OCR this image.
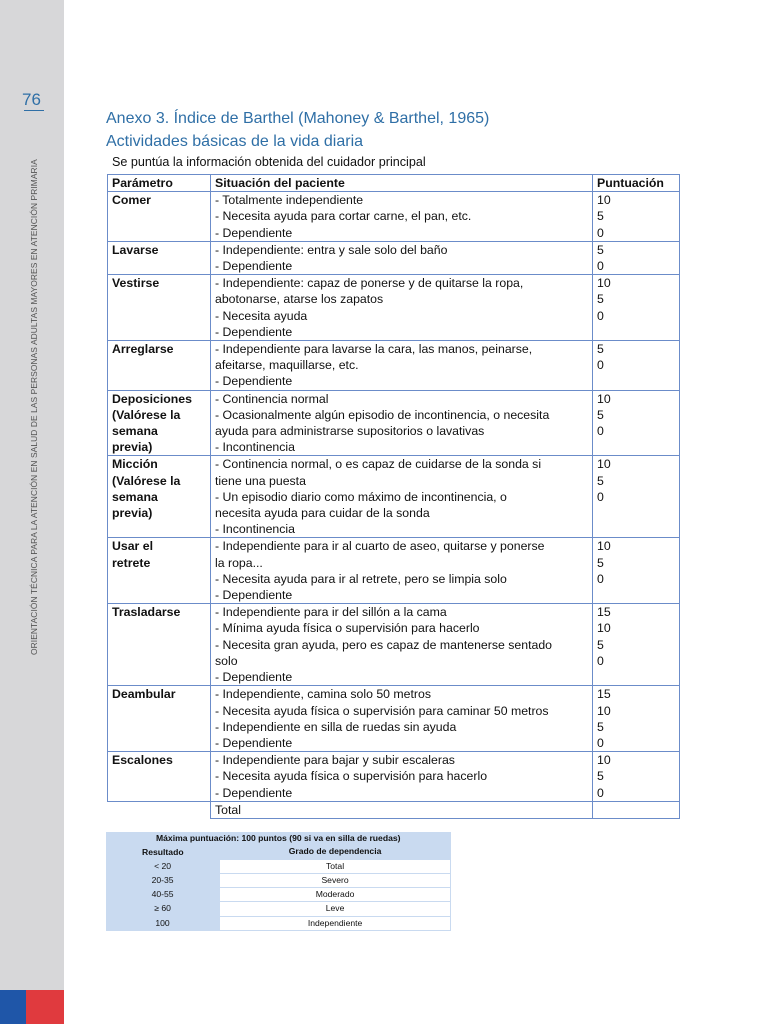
76
ORIENTACIÓN TÉCNICA PARA LA ATENCIÓN EN SALUD DE LAS PERSONAS ADULTAS MAYORES EN ATENCIÓN PRIMARIA
Anexo 3. Índice de Barthel (Mahoney & Barthel, 1965)
Actividades básicas de la vida diaria
Se puntúa la información obtenida del cuidador principal
Parámetro	Situación del paciente	Puntuación

Comer	- Totalmente independiente
- Necesita ayuda para cortar carne, el pan, etc.
- Dependiente	10
5
0

Lavarse	- Independiente: entra y sale solo del baño
- Dependiente	5
0

Vestirse	- Independiente: capaz de ponerse y de quitarse la ropa,
abotonarse, atarse los zapatos
- Necesita ayuda
- Dependiente	10
5
0

Arreglarse	- Independiente para lavarse la cara, las manos, peinarse,
afeitarse, maquillarse, etc.
- Dependiente	5
0

Deposiciones
(Valórese la
semana
previa)	- Continencia normal
- Ocasionalmente algún episodio de incontinencia, o necesita
ayuda para administrarse supositorios o lavativas
- Incontinencia	10
5
0

Micción
(Valórese la
semana
previa)	- Continencia normal, o es capaz de cuidarse de la sonda si
tiene una puesta
- Un episodio diario como máximo de incontinencia, o
necesita ayuda para cuidar de la sonda
- Incontinencia	10
5
0

Usar el
retrete	- Independiente para ir al cuarto de aseo, quitarse y ponerse
la ropa...
- Necesita ayuda para ir al retrete, pero se limpia solo
- Dependiente	10
5
0

Trasladarse	- Independiente para ir del sillón a la cama
- Mínima ayuda física o supervisión para hacerlo
- Necesita gran ayuda, pero es capaz de mantenerse sentado
solo
- Dependiente	15
10
5
0

Deambular	- Independiente, camina solo 50 metros
- Necesita ayuda física o supervisión para caminar 50 metros
- Independiente en silla de ruedas sin ayuda
- Dependiente	15
10
5
0

Escalones	- Independiente para bajar y subir escaleras
- Necesita ayuda física o supervisión para hacerlo
- Dependiente	10
5
0

	Total	
Máxima puntuación: 100 puntos (90 si va en silla de ruedas)	
Resultado	Grado de dependencia
< 20	Total
20-35	Severo
40-55	Moderado
≥ 60	Leve
100	Independiente
